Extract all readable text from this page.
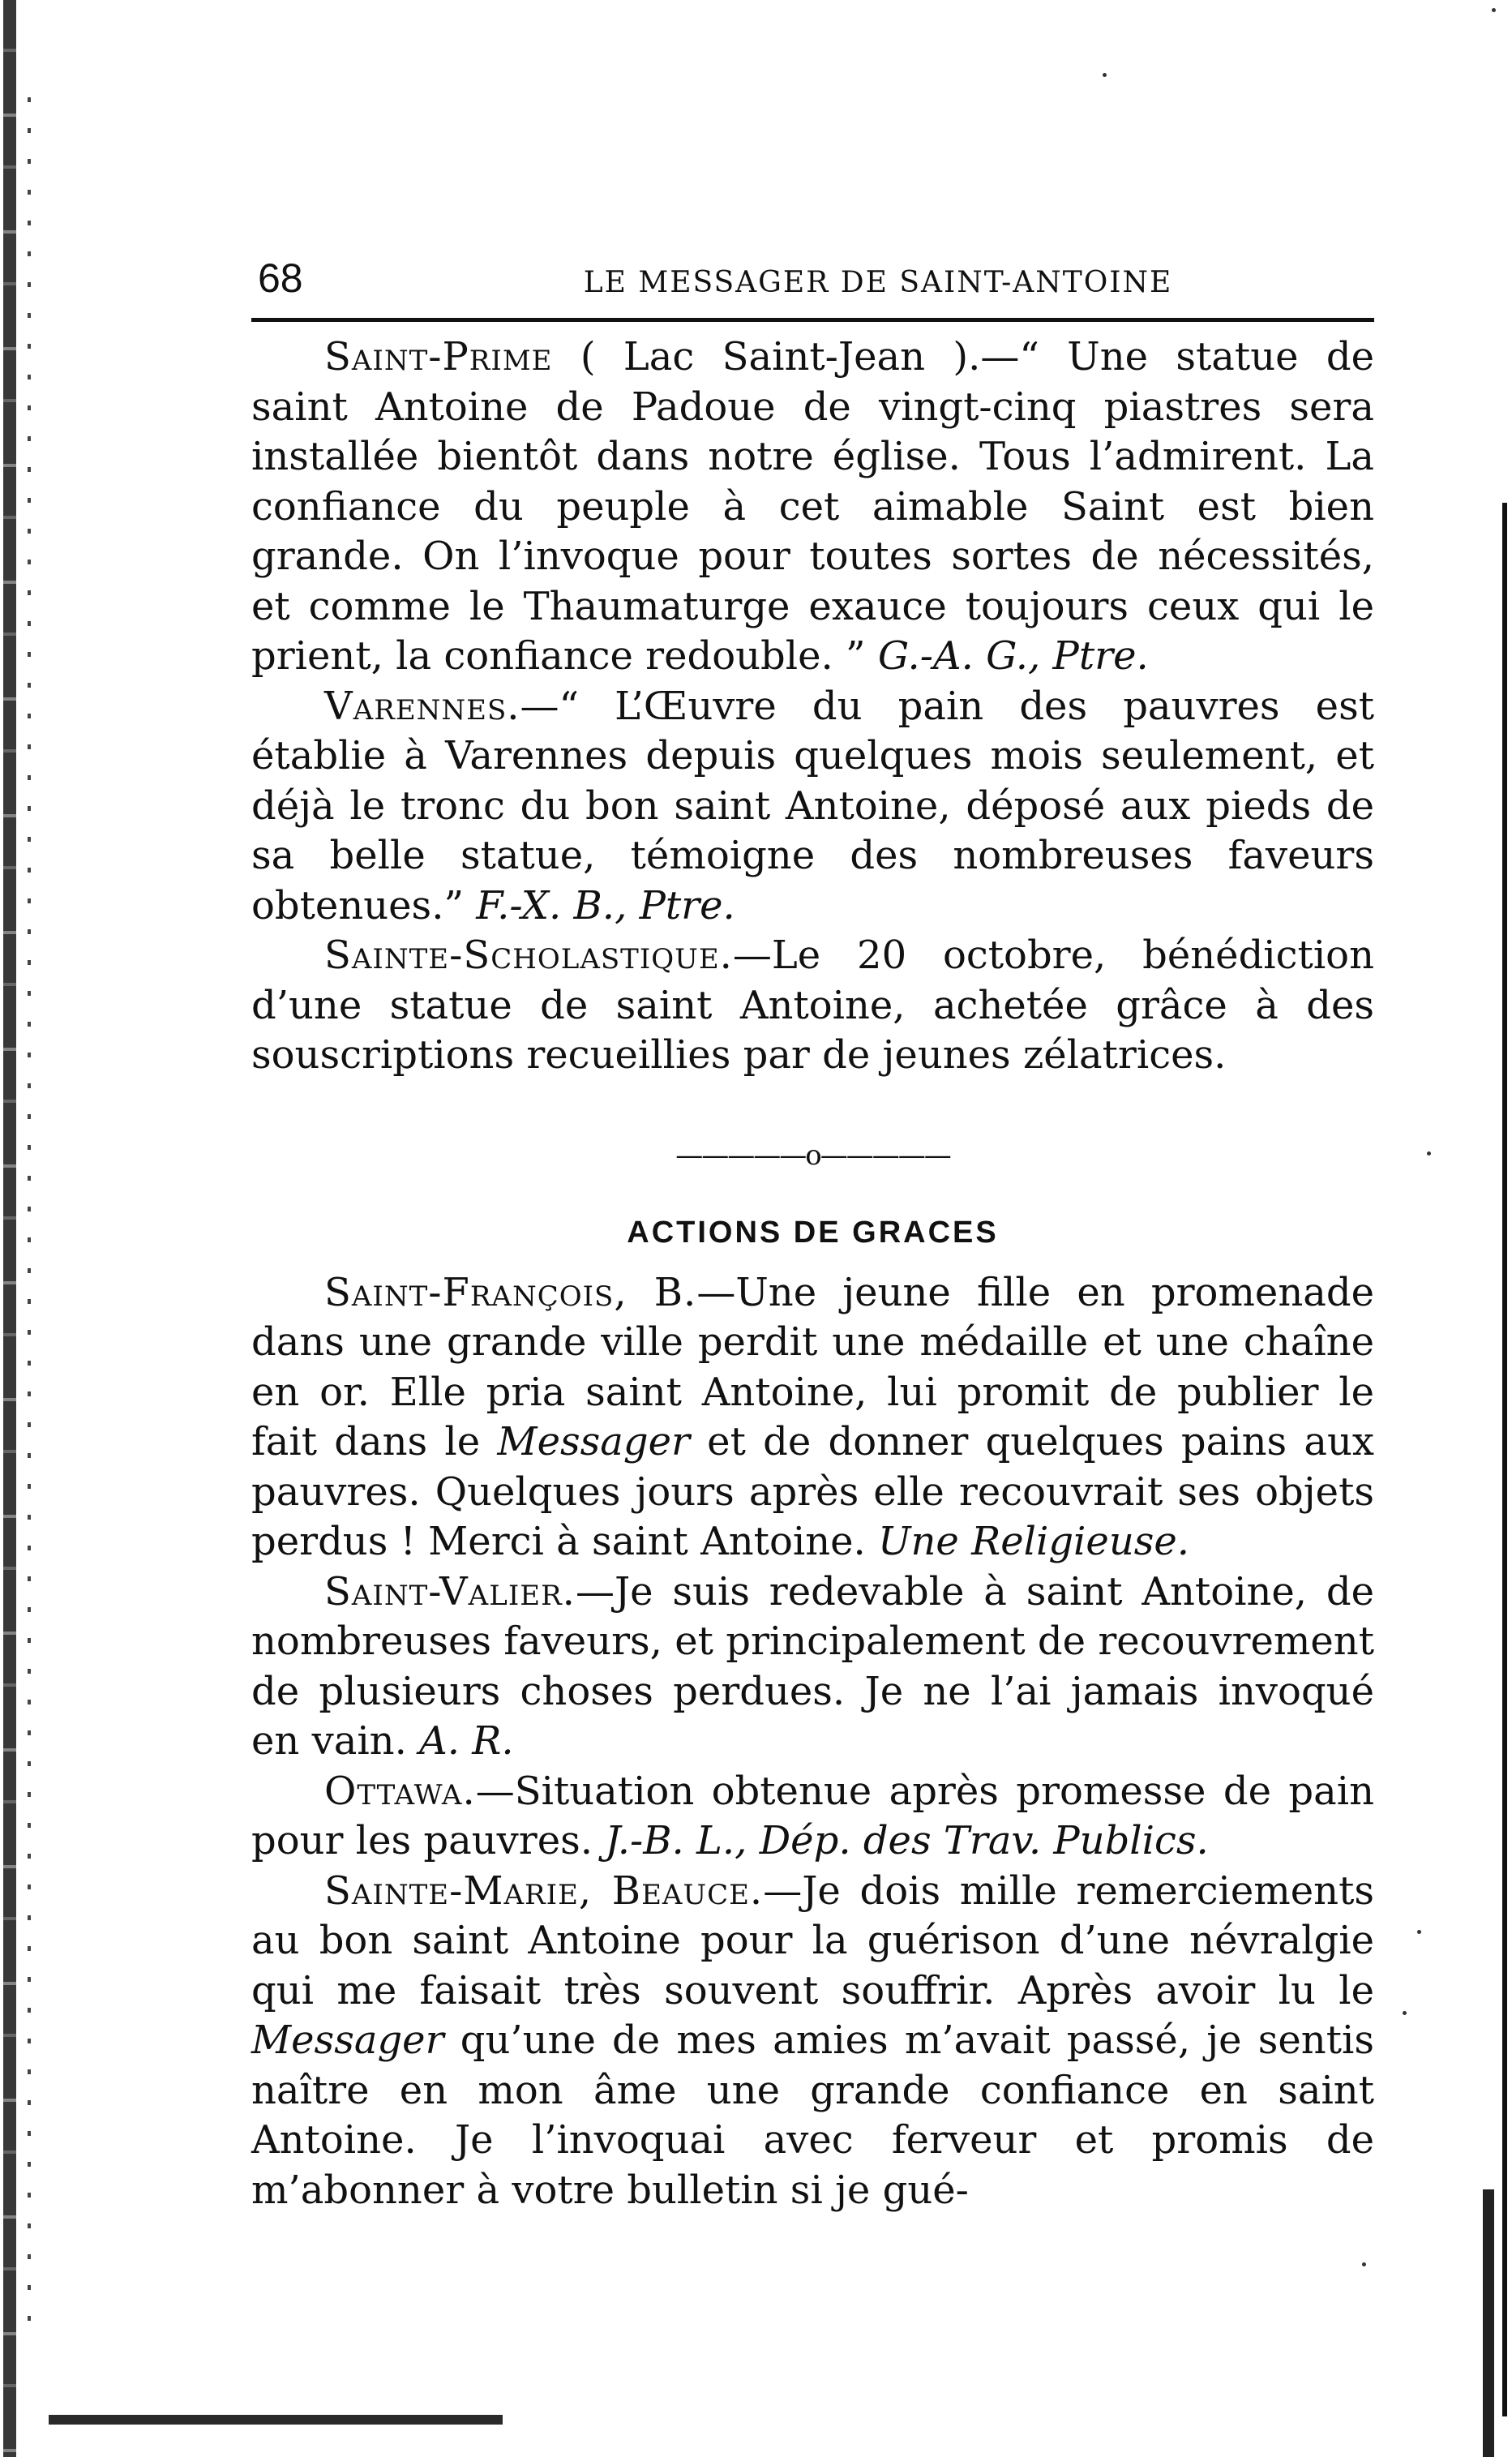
68	LE MESSAGER DE SAINT-ANTOINE

Saint-Prime ( Lac Saint-Jean ).—“ Une statue de saint Antoine de Padoue de vingt-cinq piastres sera installée bientôt dans notre église. Tous l’admirent. La confiance du peuple à cet aimable Saint est bien grande. On l’invoque pour toutes sortes de nécessités, et comme le Thaumaturge exauce toujours ceux qui le prient, la confiance redouble. ” G.-A. G., Ptre.

Varennes.—“ L’Œuvre du pain des pauvres est établie à Varennes depuis quelques mois seulement, et déjà le tronc du bon saint Antoine, déposé aux pieds de sa belle statue, témoigne des nombreuses faveurs obtenues.” F.-X. B., Ptre.

Sainte-Scholastique.—Le 20 octobre, bénédiction d’une statue de saint Antoine, achetée grâce à des souscriptions recueillies par de jeunes zélatrices.

—————o—————
ACTIONS DE GRACES

Saint-François, B.—Une jeune fille en promenade dans une grande ville perdit une médaille et une chaîne en or. Elle pria saint Antoine, lui promit de publier le fait dans le Messager et de donner quelques pains aux pauvres. Quelques jours après elle recouvrait ses objets perdus ! Merci à saint Antoine. Une Religieuse.

Saint-Valier.—Je suis redevable à saint Antoine, de nombreuses faveurs, et principalement de recouvrement de plusieurs choses perdues. Je ne l’ai jamais invoqué en vain. A. R.

Ottawa.—Situation obtenue après promesse de pain pour les pauvres. J.-B. L., Dép. des Trav. Publics.

Sainte-Marie, Beauce.—Je dois mille remerciements au bon saint Antoine pour la guérison d’une névralgie qui me faisait très souvent souffrir. Après avoir lu le Messager qu’une de mes amies m’avait passé, je sentis naître en mon âme une grande confiance en saint Antoine. Je l’invoquai avec ferveur et promis de m’abonner à votre bulletin si je gué-
